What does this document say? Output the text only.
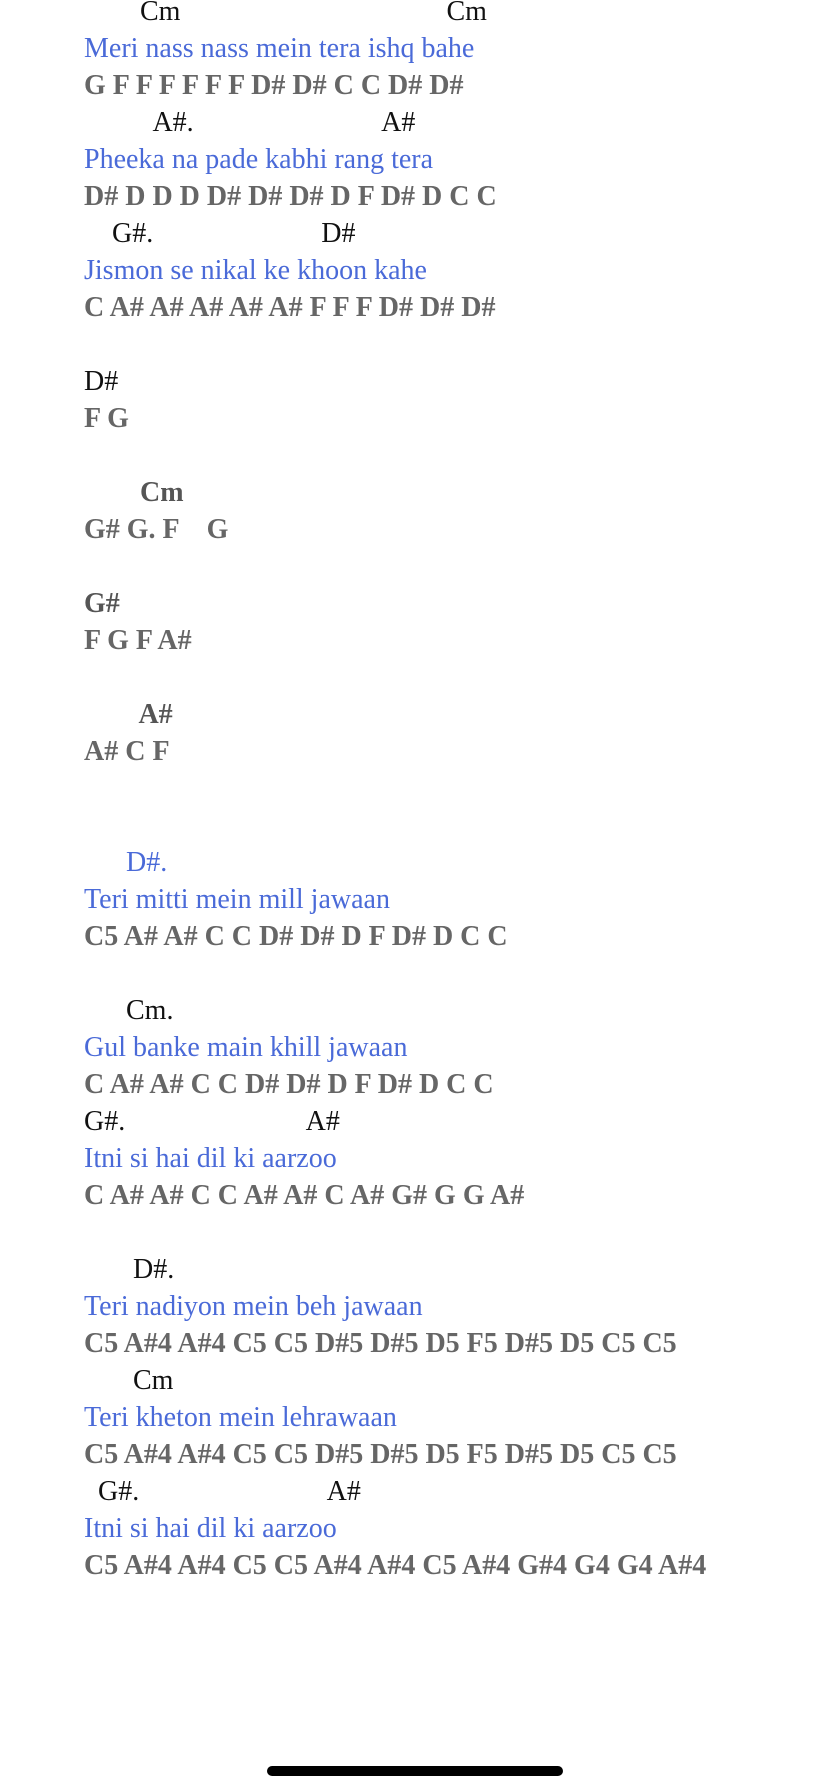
Cm                                      Cm
Meri nass nass mein tera ishq bahe
G F F F F F F D# D# C C D# D#
A#.                           A#
Pheeka na pade kabhi rang tera
D# D D D D# D# D# D F D# D C C
G#.                        D#
Jismon se nikal ke khoon kahe
C A# A# A# A# A# F F F D# D# D#
D#
F G
Cm
G# G. F    G
G#
F G F A#
A#
A# C F
D#.
Teri mitti mein mill jawaan
C5 A# A# C C D# D# D F D# D C C
Cm.
Gul banke main khill jawaan
C A# A# C C D# D# D F D# D C C
G#.                          A#
Itni si hai dil ki aarzoo
C A# A# C C A# A# C A# G# G G A#
D#.
Teri nadiyon mein beh jawaan
C5 A#4 A#4 C5 C5 D#5 D#5 D5 F5 D#5 D5 C5 C5
Cm
Teri kheton mein lehrawaan
C5 A#4 A#4 C5 C5 D#5 D#5 D5 F5 D#5 D5 C5 C5
G#.                           A#
Itni si hai dil ki aarzoo
C5 A#4 A#4 C5 C5 A#4 A#4 C5 A#4 G#4 G4 G4 A#4
